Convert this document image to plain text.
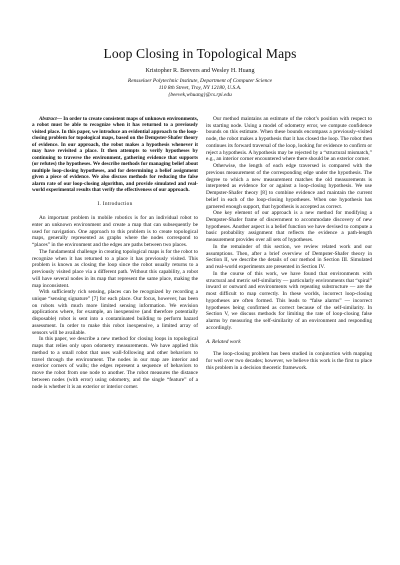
Loop Closing in Topological Maps
Kristopher R. Beevers and Wesley H. Huang
Rensselaer Polytechnic Institute, Department of Computer Science
110 8th Street, Troy, NY 12180, U.S.A.
{beevek,whuang}@cs.rpi.edu

Abstract— In order to create consistent maps of unknown environments, a robot must be able to recognize when it has returned to a previously visited place. In this paper, we introduce an evidential approach to the loop-closing problem for topological maps, based on the Dempster-Shafer theory of evidence. In our approach, the robot makes a hypothesis whenever it may have revisited a place. It then attempts to verify hypotheses by continuing to traverse the environment, gathering evidence that supports (or refutes) the hypotheses. We describe methods for managing belief about multiple loop-closing hypotheses, and for determining a belief assignment given a piece of evidence. We also discuss methods for reducing the false alarm rate of our loop-closing algorithm, and provide simulated and real-world experimental results that verify the effectiveness of our approach.

I. Introduction

An important problem in mobile robotics is for an individual robot to enter an unknown environment and create a map that can subsequently be used for navigation. One approach to this problem is to create topological maps, generally represented as graphs where the nodes correspond to “places” in the environment and the edges are paths between two places.

The fundamental challenge in creating topological maps is for the robot to recognize when it has returned to a place it has previously visited. This problem is known as closing the loop since the robot usually returns to a previously visited place via a different path. Without this capability, a robot will have several nodes in its map that represent the same place, making the map inconsistent.

With sufficiently rich sensing, places can be recognized by recording a unique “sensing signature” [7] for each place. Our focus, however, has been on robots with much more limited sensing information. We envision applications where, for example, an inexpensive (and therefore potentially disposable) robot is sent into a contaminated building to perform hazard assessment. In order to make this robot inexpensive, a limited array of sensors will be available.

In this paper, we describe a new method for closing loops in topological maps that relies only upon odometry measurements. We have applied this method to a small robot that uses wall-following and other behaviors to travel through the environment. The nodes in our map are interior and exterior corners of walls; the edges represent a sequence of behaviors to move the robot from one node to another. The robot measures the distance between nodes (with error) using odometry, and the single “feature” of a node is whether it is an exterior or interior corner.

Our method maintains an estimate of the robot’s position with respect to its starting node. Using a model of odometry error, we compute confidence bounds on this estimate. When these bounds encompass a previously-visited node, the robot makes a hypothesis that it has closed the loop. The robot then continues its forward traversal of the loop, looking for evidence to confirm or reject a hypothesis. A hypothesis may be rejected by a “structural mismatch,” e.g., an interior corner encountered where there should be an exterior corner.

Otherwise, the length of each edge traversed is compared with the previous measurement of the corresponding edge under the hypothesis. The degree to which a new measurement matches the old measurements is interpreted as evidence for or against a loop-closing hypothesis. We use Dempster-Shafer theory [8] to combine evidence and maintain the current belief in each of the loop-closing hypotheses. When one hypothesis has garnered enough support, that hypothesis is accepted as correct.

One key element of our approach is a new method for modifying a Dempster-Shafer frame of discernment to accommodate discovery of new hypotheses. Another aspect is a belief function we have devised to compute a basic probability assignment that reflects the evidence a path-length measurement provides over all sets of hypotheses.

In the remainder of this section, we review related work and our assumptions. Then, after a brief overview of Dempster-Shafer theory in Section II, we describe the details of our method in Section III. Simulated and real-world experiments are presented in Section IV.

In the course of this work, we have found that environments with structural and metric self-similarity — particularly environments that “spiral” inward or outward and environments with repeating substructure — are the most difficult to map correctly. In these worlds, incorrect loop-closing hypotheses are often formed. This leads to “false alarms” — incorrect hypotheses being confirmed as correct because of the self-similarity. In Section V, we discuss methods for limiting the rate of loop-closing false alarms by measuring the self-similarity of an environment and responding accordingly.

A. Related work

The loop-closing problem has been studied in conjunction with mapping for well over two decades; however, we believe this work is the first to place this problem in a decision theoretic framework.
